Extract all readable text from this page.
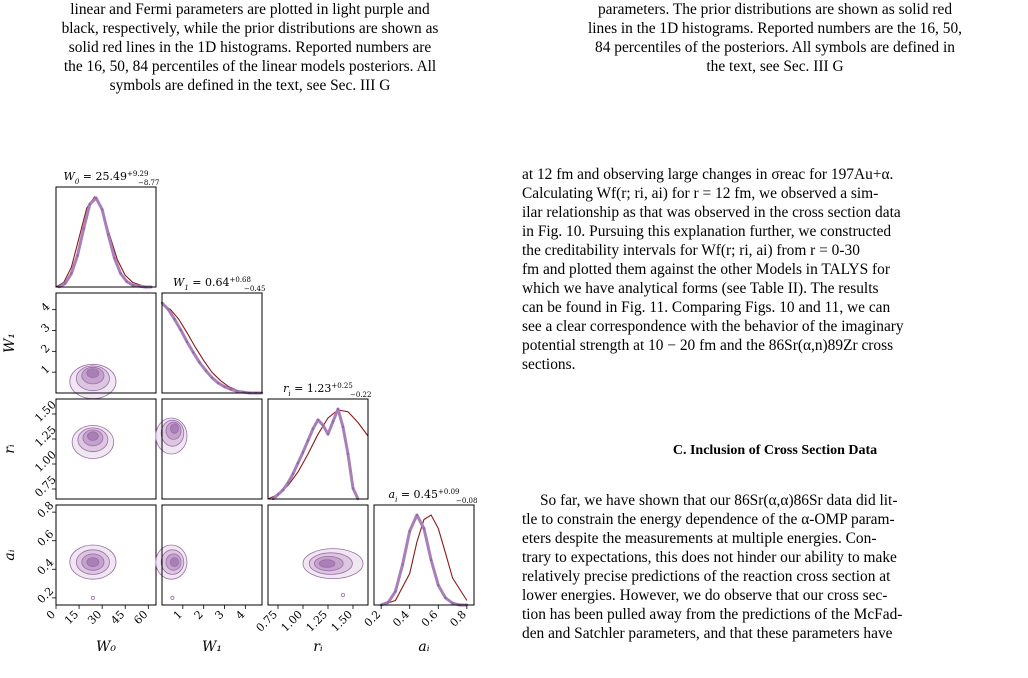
linear and Fermi parameters are plotted in light purple and
black, respectively, while the prior distributions are shown as
solid red lines in the 1D histograms. Reported numbers are
the 16, 50, 84 percentiles of the linear models posteriors. All
symbols are defined in the text, see Sec. III G
parameters. The prior distributions are shown as solid red
lines in the 1D histograms. Reported numbers are the 16, 50,
84 percentiles of the posteriors. All symbols are defined in
the text, see Sec. III G
at 12 fm and observing large changes in σreac for 197Au+α.
Calculating Wf(r; ri, ai) for r = 12 fm, we observed a sim-
ilar relationship as that was observed in the cross section data
in Fig. 10. Pursuing this explanation further, we constructed
the creditability intervals for Wf(r; ri, ai) from r = 0-30
fm and plotted them against the other Models in TALYS for
which we have analytical forms (see Table II). The results
can be found in Fig. 11. Comparing Figs. 10 and 11, we can
see a clear correspondence with the behavior of the imaginary
potential strength at 10 − 20 fm and the 86Sr(α,n)89Zr cross
sections.
C. Inclusion of Cross Section Data
So far, we have shown that our 86Sr(α,α)86Sr data did lit-
tle to constrain the energy dependence of the α-OMP param-
eters despite the measurements at multiple energies. Con-
trary to expectations, this does not hinder our ability to make
relatively precise predictions of the reaction cross section at
lower energies. However, we do observe that our cross sec-
tion has been pulled away from the predictions of the McFad-
den and Satchler parameters, and that these parameters have
$W_0 = 25.49^{+9.29}$
−8.77
$W_1 = 0.64^{+0.68}$
−0.45
$r_i = 1.23^{+0.25}$
−0.22
$a_i = 0.45^{+0.09}$
−0.08
0 15 30 45 60
W₀
1 2 3 4
W₁
0.75
1.00
1.25
1.50
rᵢ
0.2 0.4 0.6 0.8
aᵢ
1
2
3
4
W₁
0.75
1.00
1.25
1.50
rᵢ
0.2
0.4
0.6
0.8
aᵢ
